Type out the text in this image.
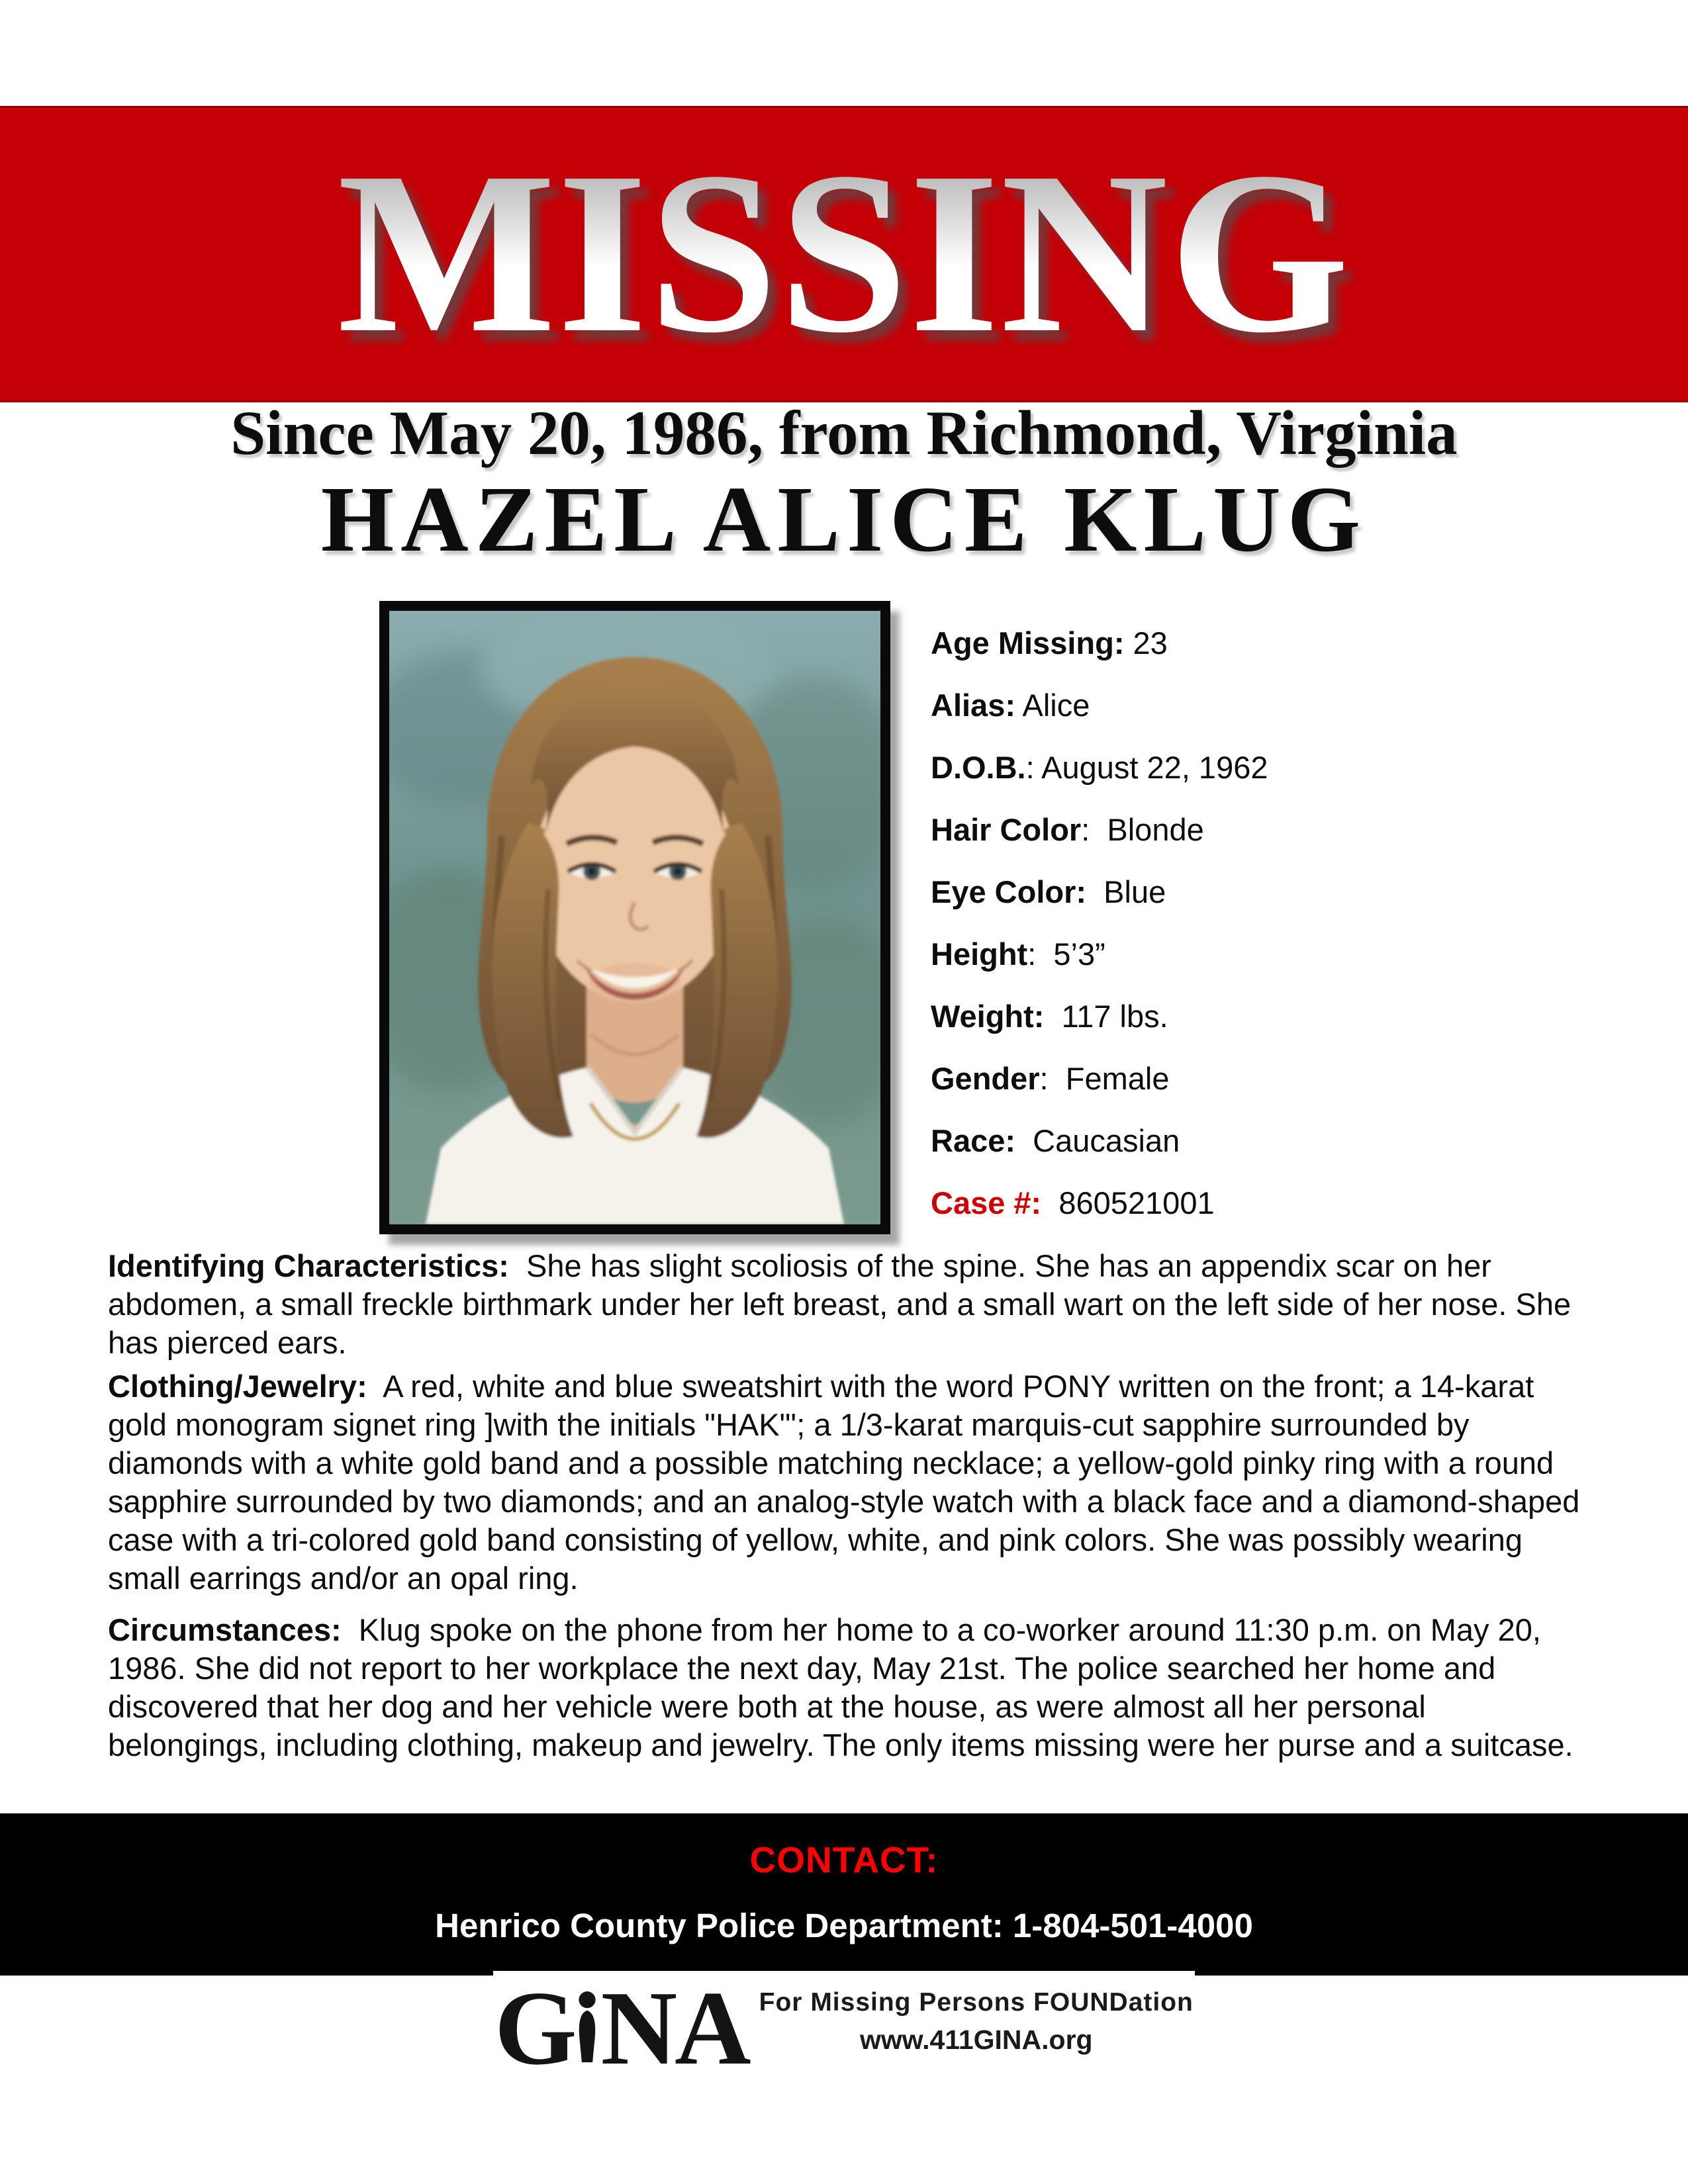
MISSING
Since May 20, 1986, from Richmond, Virginia
HAZEL ALICE KLUG
Age Missing: 23
Alias: Alice
D.O.B.: August 22, 1962
Hair Color:  Blonde
Eye Color: Blue
Height:  5’3”
Weight: 117 lbs.
Gender:  Female
Race: Caucasian
Case #: 860521001

Identifying Characteristics:  She has slight scoliosis of the spine. She has an appendix scar on her abdomen, a small freckle birthmark under her left breast, and a small wart on the left side of her nose. She has pierced ears.

Clothing/Jewelry:  A red, white and blue sweatshirt with the word PONY written on the front; a 14-karat gold monogram signet ring ]with the initials "HAK"'; a 1/3-karat marquis-cut sapphire surrounded by diamonds with a white gold band and a possible matching necklace; a yellow-gold pinky ring with a round sapphire surrounded by two diamonds; and an analog-style watch with a black face and a diamond-shaped case with a tri-colored gold band consisting of yellow, white, and pink colors. She was possibly wearing small earrings and/or an opal ring.

Circumstances:  Klug spoke on the phone from her home to a co-worker around 11:30 p.m. on May 20, 1986. She did not report to her workplace the next day, May 21st. The police searched her home and discovered that her dog and her vehicle were both at the house, as were almost all her personal belongings, including clothing, makeup and jewelry. The only items missing were her purse and a suitcase.

CONTACT:
Henrico County Police Department: 1-804-501-4000
G NA For Missing Persons FOUNDation
www.411GINA.org
